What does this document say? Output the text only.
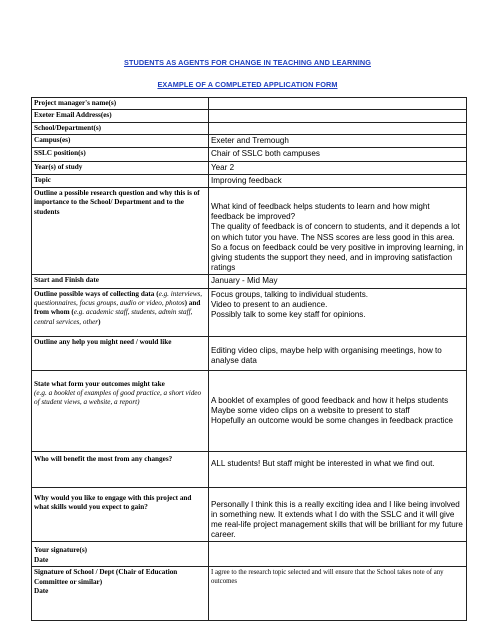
STUDENTS AS AGENTS FOR CHANGE IN TEACHING AND LEARNING
EXAMPLE OF A COMPLETED APPLICATION FORM
Project manager's name(s)	
Exeter Email Address(es)	
School/Department(s)	
Campus(es)	Exeter and Tremough
SSLC position(s)	Chair of SSLC both campuses
Year(s) of study	Year 2
Topic	Improving feedback
Outline a possible research question and why this is of importance to the School/ Department and to the students	What kind of feedback helps students to learn and how might feedback be improved?
The quality of feedback is of concern to students, and it depends a lot on which tutor you have. The NSS scores are less good in this area. So a focus on feedback could be very positive in improving learning, in giving students the support they need, and in improving satisfaction ratings

Start and Finish date	January - Mid May
Outline possible ways of collecting data (e.g. interviews, questionnaires, focus groups, audio or video, photos) and from whom (e.g. academic staff, students, admin staff, central services, other)	Focus groups, talking to individual students.
Video to present to an audience.
Possibly talk to some key staff for opinions.

Outline any help you might need / would like	Editing video clips, maybe help with organising meetings, how to analyse data

State what form your outcomes might take
(e.g. a booklet of examples of good practice, a short video of student views, a website, a report)	A booklet of examples of good feedback and how it helps students
Maybe some video clips on a website to present to staff
Hopefully an outcome would be some changes in feedback practice

Who will benefit the most from any changes?	ALL students! But staff might be interested in what we find out.
Why would you like to engage with this project and what skills would you expect to gain?	Personally I think this is a really exciting idea and I like being involved in something new. It extends what I do with the SSLC and it will give me real-life project management skills that will be brilliant for my future career.

Your signature(s)
Date	

Signature of School / Dept (Chair of Education Committee or similar)
Date	I agree to the research topic selected and will ensure that the School takes note of any outcomes
